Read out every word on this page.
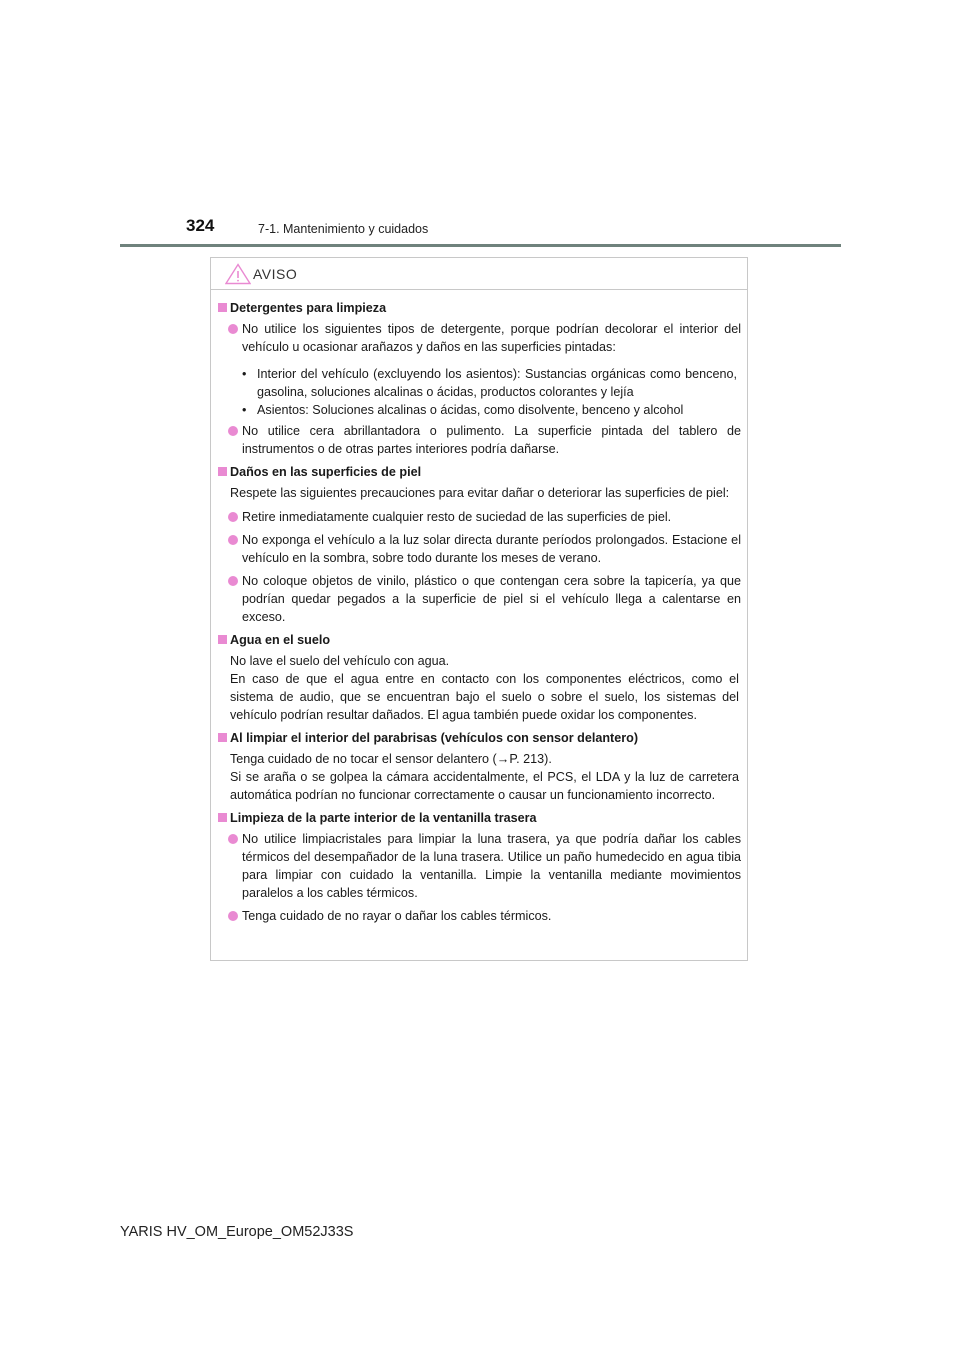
324	7-1. Mantenimiento y cuidados
AVISO
Detergentes para limpieza
No utilice los siguientes tipos de detergente, porque podrían decolorar el interior del vehículo u ocasionar arañazos y daños en las superficies pintadas:
• Interior del vehículo (excluyendo los asientos): Sustancias orgánicas como benceno, gasolina, soluciones alcalinas o ácidas, productos colorantes y lejía
• Asientos: Soluciones alcalinas o ácidas, como disolvente, benceno y alcohol
No utilice cera abrillantadora o pulimento. La superficie pintada del tablero de instrumentos o de otras partes interiores podría dañarse.
Daños en las superficies de piel
Respete las siguientes precauciones para evitar dañar o deteriorar las superficies de piel:
Retire inmediatamente cualquier resto de suciedad de las superficies de piel.
No exponga el vehículo a la luz solar directa durante períodos prolongados. Estacione el vehículo en la sombra, sobre todo durante los meses de verano.
No coloque objetos de vinilo, plástico o que contengan cera sobre la tapicería, ya que podrían quedar pegados a la superficie de piel si el vehículo llega a calentarse en exceso.
Agua en el suelo
No lave el suelo del vehículo con agua.
En caso de que el agua entre en contacto con los componentes eléctricos, como el sistema de audio, que se encuentran bajo el suelo o sobre el suelo, los sistemas del vehículo podrían resultar dañados. El agua también puede oxidar los componentes.
Al limpiar el interior del parabrisas (vehículos con sensor delantero)
Tenga cuidado de no tocar el sensor delantero (→P. 213).
Si se araña o se golpea la cámara accidentalmente, el PCS, el LDA y la luz de carretera automática podrían no funcionar correctamente o causar un funcionamiento incorrecto.
Limpieza de la parte interior de la ventanilla trasera
No utilice limpiacristales para limpiar la luna trasera, ya que podría dañar los cables térmicos del desempañador de la luna trasera. Utilice un paño humedecido en agua tibia para limpiar con cuidado la ventanilla. Limpie la ventanilla mediante movimientos paralelos a los cables térmicos.
Tenga cuidado de no rayar o dañar los cables térmicos.
YARIS HV_OM_Europe_OM52J33S
